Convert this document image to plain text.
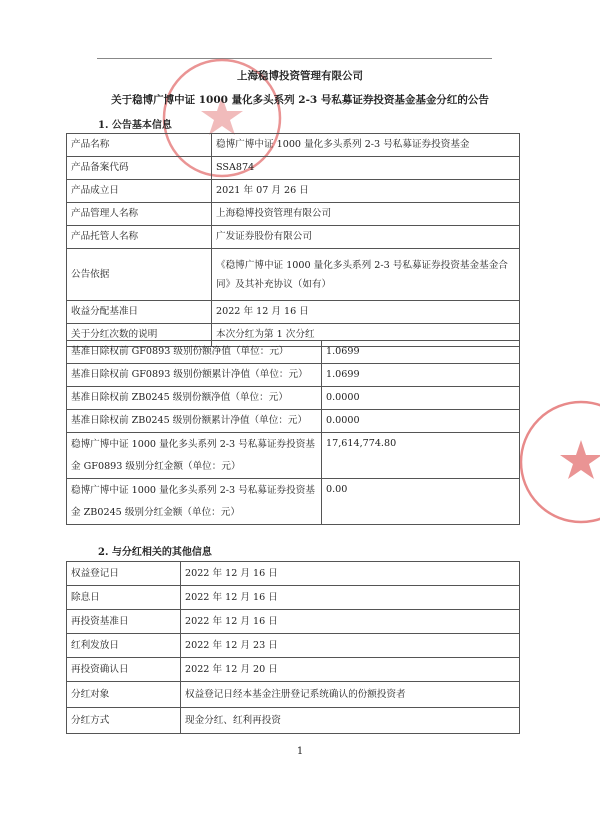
上海稳博投资管理有限公司
关于稳博广博中证 1000 量化多头系列 2-3 号私募证券投资基金基金分红的公告
1. 公告基本信息
产品名称	稳博广博中证 1000 量化多头系列 2-3 号私募证券投资基金
产品备案代码	SSA874
产品成立日	2021 年 07 月 26 日
产品管理人名称	上海稳博投资管理有限公司
产品托管人名称	广发证券股份有限公司
公告依据	《稳博广博中证 1000 量化多头系列 2-3 号私募证券投资基金基金合同》及其补充协议（如有）
收益分配基准日	2022 年 12 月 16 日
关于分红次数的说明	本次分红为第 1 次分红
基准日除权前 GF0893 级别份额净值（单位：元）	1.0699
基准日除权前 GF0893 级别份额累计净值（单位：元）	1.0699
基准日除权前 ZB0245 级别份额净值（单位：元）	0.0000
基准日除权前 ZB0245 级别份额累计净值（单位：元）	0.0000
稳博广博中证 1000 量化多头系列 2-3 号私募证券投资基金 GF0893 级别分红金额（单位：元）	17,614,774.80
稳博广博中证 1000 量化多头系列 2-3 号私募证券投资基金 ZB0245 级别分红金额（单位：元）	0.00
2. 与分红相关的其他信息
权益登记日	2022 年 12 月 16 日
除息日	2022 年 12 月 16 日
再投资基准日	2022 年 12 月 16 日
红利发放日	2022 年 12 月 23 日
再投资确认日	2022 年 12 月 20 日
分红对象	权益登记日经本基金注册登记系统确认的份额投资者
分红方式	现金分红、红利再投资
1
